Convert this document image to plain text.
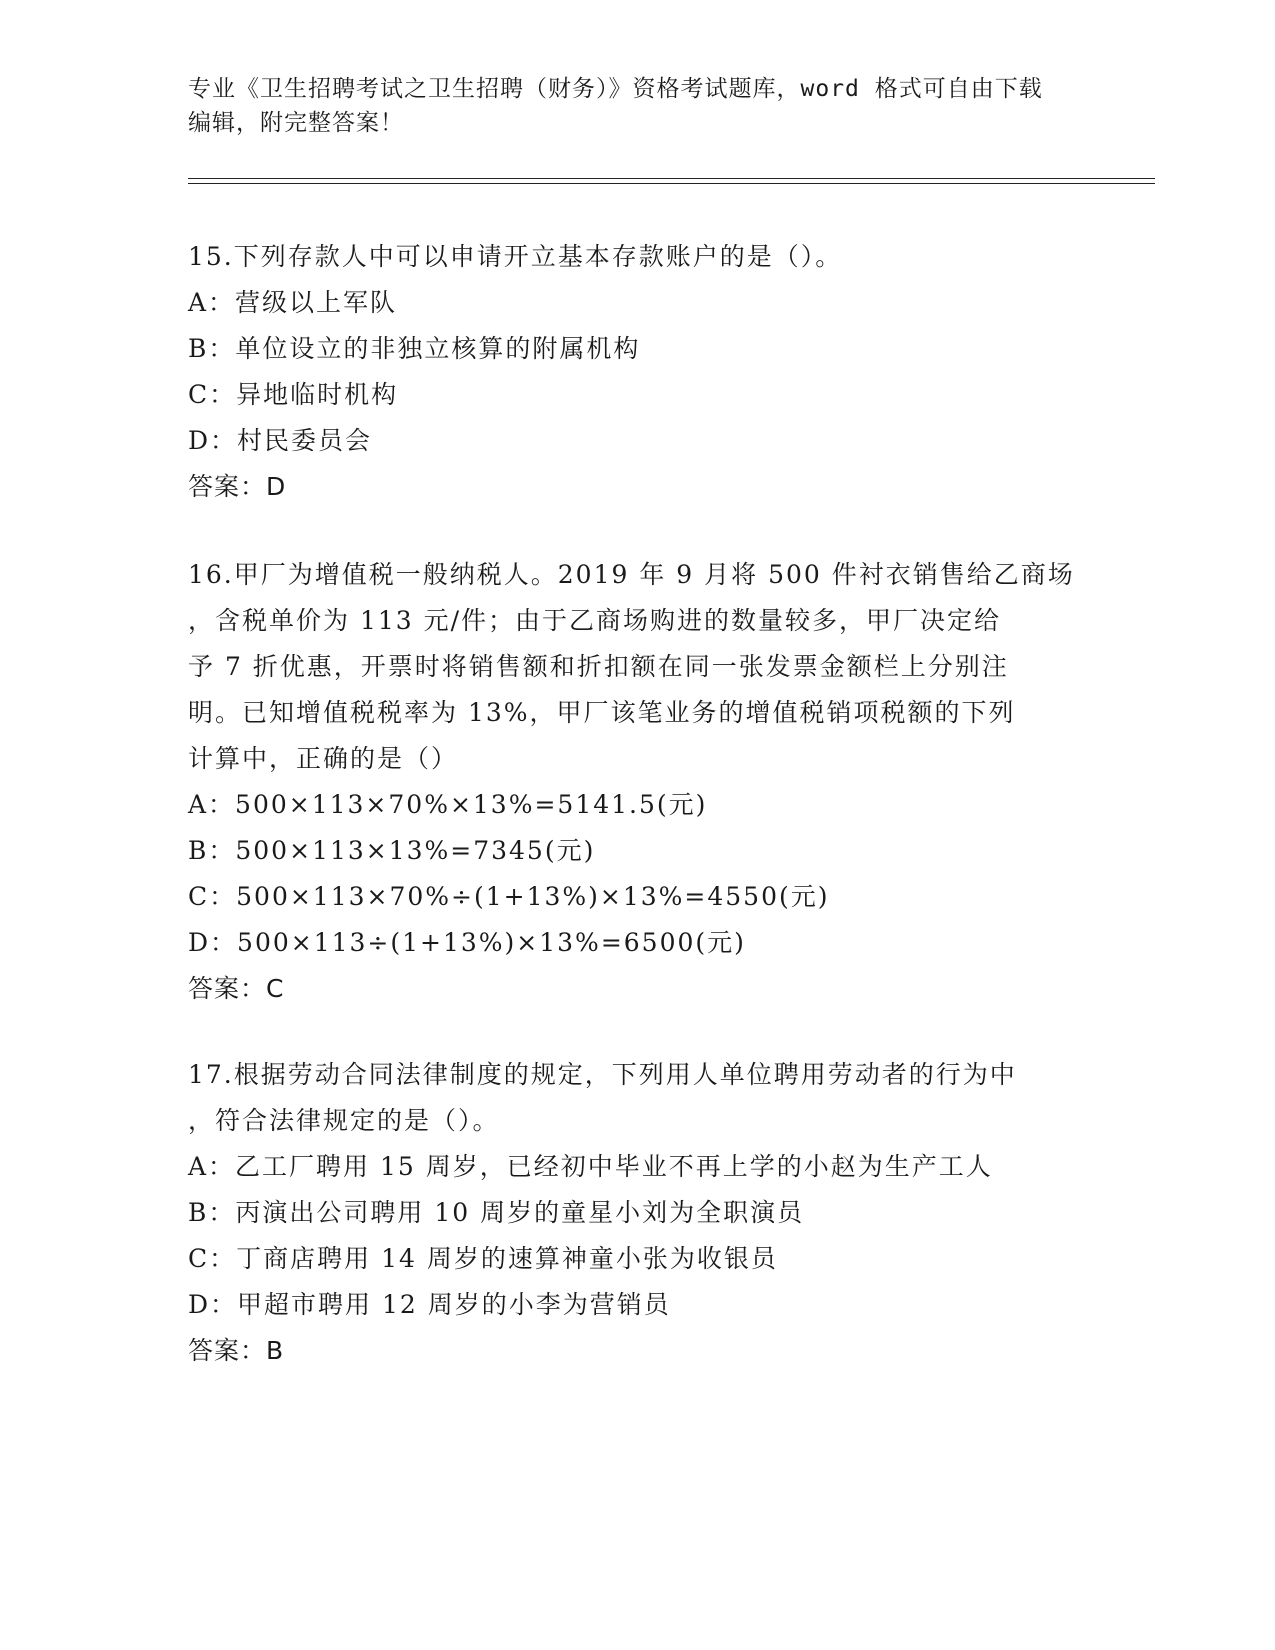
专业《卫生招聘考试之卫生招聘（财务）》资格考试题库，word 格式可自由下载
编辑，附完整答案！
15.下列存款人中可以申请开立基本存款账户的是（）。
A：营级以上军队
B：单位设立的非独立核算的附属机构
C：异地临时机构
D：村民委员会
答案：D
16.甲厂为增值税一般纳税人。2019 年 9 月将 500 件衬衣销售给乙商场
，含税单价为 113 元/件；由于乙商场购进的数量较多，甲厂决定给
予 7 折优惠，开票时将销售额和折扣额在同一张发票金额栏上分别注
明。已知增值税税率为 13%，甲厂该笔业务的增值税销项税额的下列
计算中，正确的是（）
A：500×113×70%×13%=5141.5(元)
B：500×113×13%=7345(元)
C：500×113×70%÷(1+13%)×13%=4550(元)
D：500×113÷(1+13%)×13%=6500(元)
答案：C
17.根据劳动合同法律制度的规定，下列用人单位聘用劳动者的行为中
，符合法律规定的是（）。
A：乙工厂聘用 15 周岁，已经初中毕业不再上学的小赵为生产工人
B：丙演出公司聘用 10 周岁的童星小刘为全职演员
C：丁商店聘用 14 周岁的速算神童小张为收银员
D：甲超市聘用 12 周岁的小李为营销员
答案：B
